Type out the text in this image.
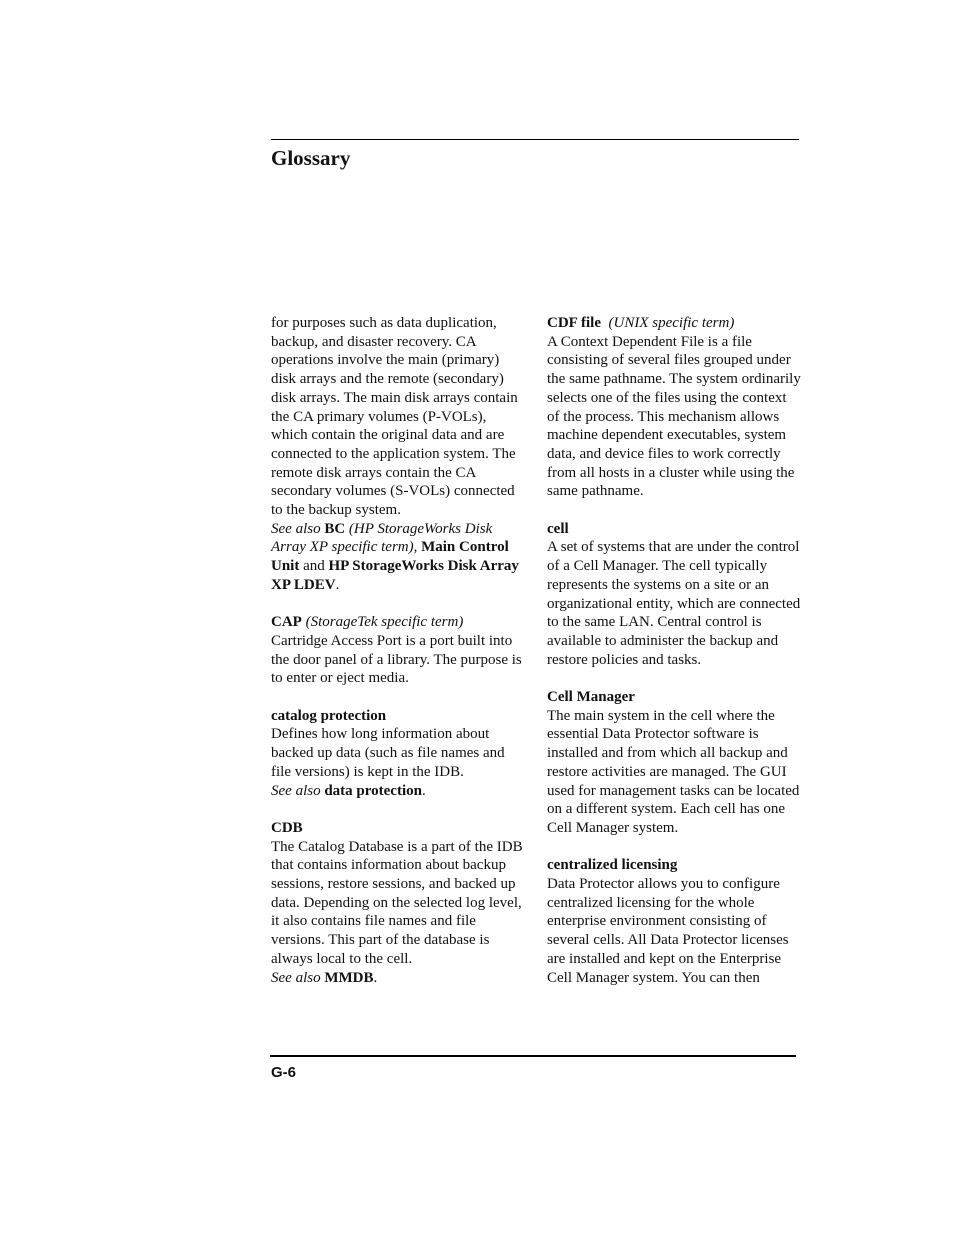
Glossary

for purposes such as data duplication, backup, and disaster recovery. CA operations involve the main (primary) disk arrays and the remote (secondary) disk arrays. The main disk arrays contain the CA primary volumes (P-VOLs), which contain the original data and are connected to the application system. The remote disk arrays contain the CA secondary volumes (S-VOLs) connected to the backup system.

See also BC (HP StorageWorks Disk Array XP specific term), Main Control Unit and HP StorageWorks Disk Array XP LDEV.

CAP (StorageTek specific term)

Cartridge Access Port is a port built into the door panel of a library. The purpose is to enter or eject media.

catalog protection

Defines how long information about backed up data (such as file names and file versions) is kept in the IDB.

See also data protection.

CDB

The Catalog Database is a part of the IDB that contains information about backup sessions, restore sessions, and backed up data. Depending on the selected log level, it also contains file names and file versions. This part of the database is always local to the cell.

See also MMDB.

CDF file (UNIX specific term)

A Context Dependent File is a file consisting of several files grouped under the same pathname. The system ordinarily selects one of the files using the context of the process. This mechanism allows machine dependent executables, system data, and device files to work correctly from all hosts in a cluster while using the same pathname.

cell

A set of systems that are under the control of a Cell Manager. The cell typically represents the systems on a site or an organizational entity, which are connected to the same LAN. Central control is available to administer the backup and restore policies and tasks.

Cell Manager

The main system in the cell where the essential Data Protector software is installed and from which all backup and restore activities are managed. The GUI used for management tasks can be located on a different system. Each cell has one Cell Manager system.

centralized licensing

Data Protector allows you to configure centralized licensing for the whole enterprise environment consisting of several cells. All Data Protector licenses are installed and kept on the Enterprise Cell Manager system. You can then

G-6
